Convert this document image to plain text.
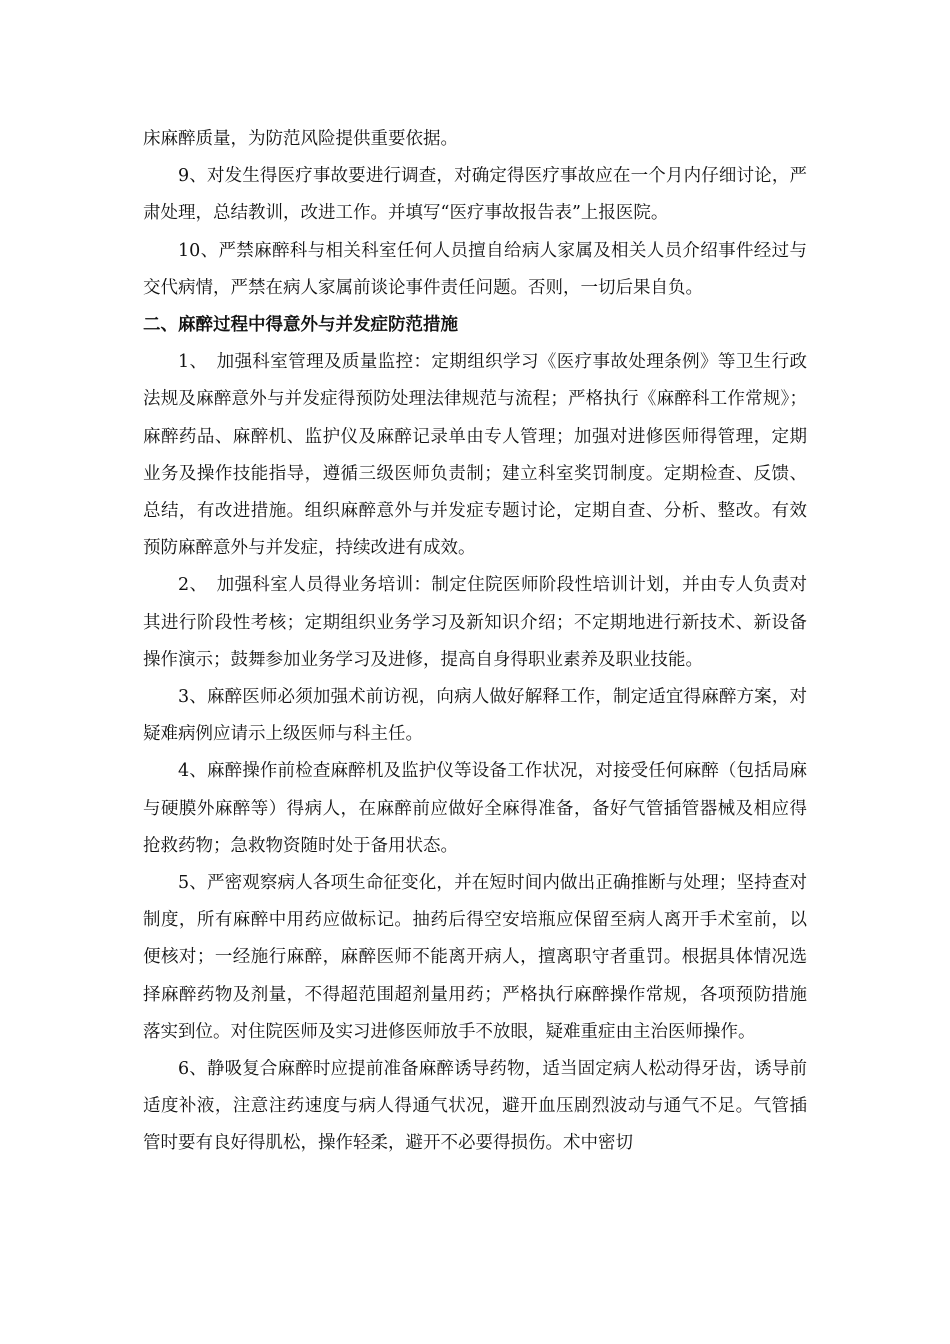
床麻醉质量，为防范风险提供重要依据。

9、对发生得医疗事故要进行调查，对确定得医疗事故应在一个月内仔细讨论，严肃处理，总结教训，改进工作。并填写“医疗事故报告表”上报医院。

10、严禁麻醉科与相关科室任何人员擅自给病人家属及相关人员介绍事件经过与交代病情，严禁在病人家属前谈论事件责任问题。否则，一切后果自负。

二、麻醉过程中得意外与并发症防范措施

1、　加强科室管理及质量监控：定期组织学习《医疗事故处理条例》等卫生行政法规及麻醉意外与并发症得预防处理法律规范与流程；严格执行《麻醉科工作常规》；麻醉药品、麻醉机、监护仪及麻醉记录单由专人管理；加强对进修医师得管理，定期业务及操作技能指导，遵循三级医师负责制；建立科室奖罚制度。定期检查、反馈、总结，有改进措施。组织麻醉意外与并发症专题讨论，定期自查、分析、整改。有效预防麻醉意外与并发症，持续改进有成效。

2、　加强科室人员得业务培训：制定住院医师阶段性培训计划，并由专人负责对其进行阶段性考核；定期组织业务学习及新知识介绍；不定期地进行新技术、新设备操作演示；鼓舞参加业务学习及进修，提高自身得职业素养及职业技能。

3、麻醉医师必须加强术前访视，向病人做好解释工作，制定适宜得麻醉方案，对疑难病例应请示上级医师与科主任。

4、麻醉操作前检查麻醉机及监护仪等设备工作状况，对接受任何麻醉（包括局麻与硬膜外麻醉等）得病人，在麻醉前应做好全麻得准备，备好气管插管器械及相应得抢救药物；急救物资随时处于备用状态。

5、严密观察病人各项生命征变化，并在短时间内做出正确推断与处理；坚持查对制度，所有麻醉中用药应做标记。抽药后得空安培瓶应保留至病人离开手术室前，以便核对；一经施行麻醉，麻醉医师不能离开病人，擅离职守者重罚。根据具体情况选择麻醉药物及剂量，不得超范围超剂量用药；严格执行麻醉操作常规，各项预防措施落实到位。对住院医师及实习进修医师放手不放眼，疑难重症由主治医师操作。

6、静吸复合麻醉时应提前准备麻醉诱导药物，适当固定病人松动得牙齿，诱导前适度补液，注意注药速度与病人得通气状况，避开血压剧烈波动与通气不足。气管插管时要有良好得肌松，操作轻柔，避开不必要得损伤。术中密切
